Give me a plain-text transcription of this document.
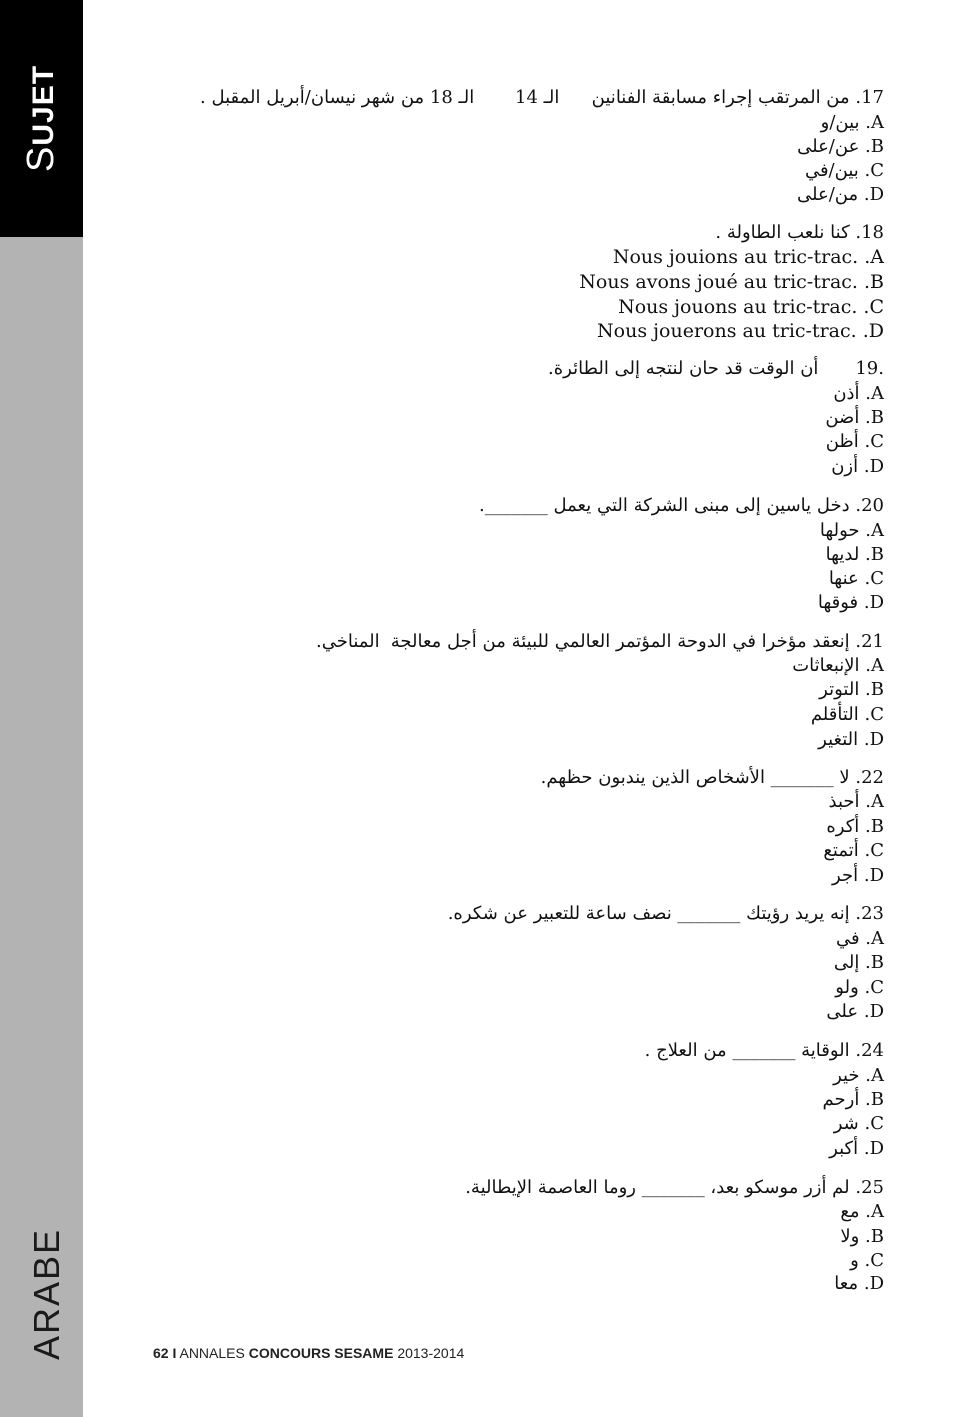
SUJET
ARABE
17. من المرتقب إجراء مسابقة الفنانين
الـ 14
الـ 18 من شهر نيسان/أبريل المقبل .
A. بين/و
B. عن/على
C. بين/في
D. من/على
18. كنا نلعب الطاولة .
Nous jouions au tric-trac. .A
Nous avons joué au tric-trac. .B
Nous jouons au tric-trac. .C
Nous jouerons au tric-trac. .D
.19
أن الوقت قد حان لنتجه إلى الطائرة.
A. أذن
B. أضن
C. أظن
D. أزن
20. دخل ياسين إلى مبنى الشركة التي يعمل _______.
A. حولها
B. لديها
C. عنها
D. فوقها
21. إنعقد مؤخرا في الدوحة المؤتمر العالمي للبيئة من أجل معالجة
المناخي.
A. الإنبعاثات
B. التوتر
C. التأقلم
D. التغير
22. لا _______ الأشخاص الذين يندبون حظهم.
A. أحبذ
B. أكره
C. أتمتع
D. أجر
23. إنه يريد رؤيتك _______ نصف ساعة للتعبير عن شكره.
A. في
B. إلى
C. ولو
D. على
24. الوقاية _______ من العلاج .
A. خير
B. أرحم
C. شر
D. أكبر
25. لم أزر موسكو بعد، _______ روما العاصمة الإيطالية.
A. مع
B. ولا
C. و
D. معا
62 I ANNALES CONCOURS SESAME 2013-2014
